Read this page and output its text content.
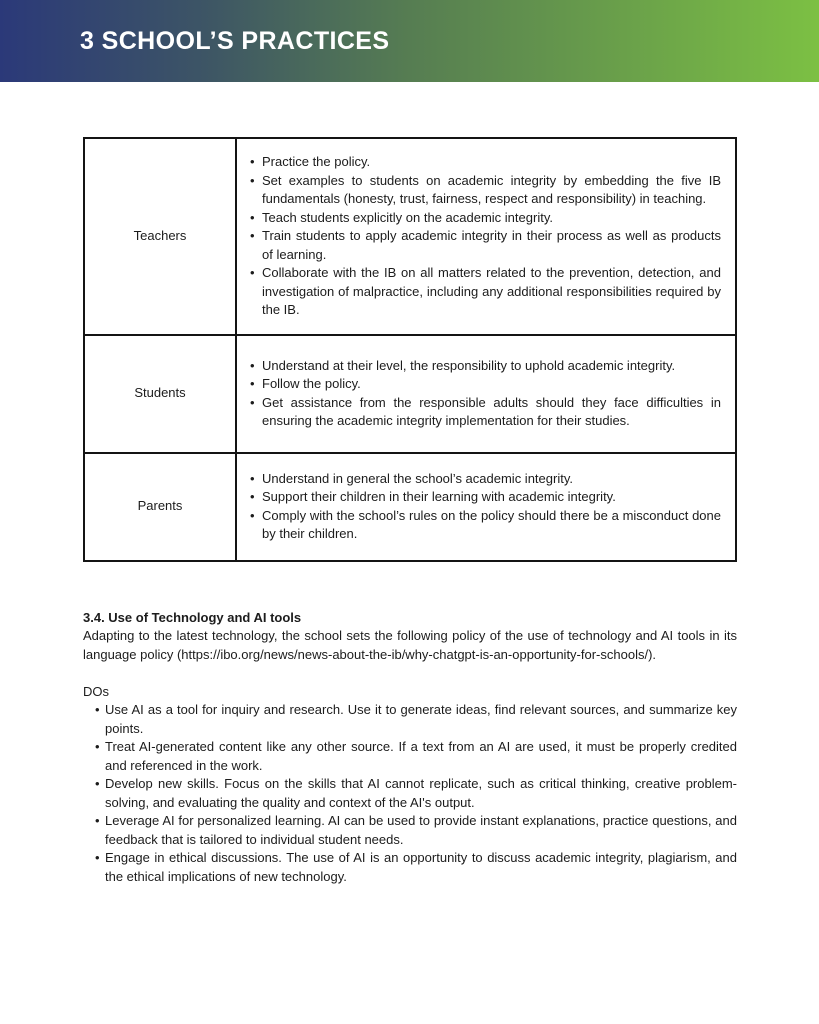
3 SCHOOL’S PRACTICES
Teachers	
• Practice the policy.
• Set examples to students on academic integrity by embedding the five IB fundamentals (honesty, trust, fairness, respect and responsibility) in teaching.
• Teach students explicitly on the academic integrity.
• Train students to apply academic integrity in their process as well as products of learning.
• Collaborate with the IB on all matters related to the prevention, detection, and investigation of malpractice, including any additional responsibilities required by the IB.

Students	
• Understand at their level, the responsibility to uphold academic integrity.
• Follow the policy.
• Get assistance from the responsible adults should they face difficulties in ensuring the academic integrity implementation for their studies.

Parents	
• Understand in general the school’s academic integrity.
• Support their children in their learning with academic integrity.
• Comply with the school’s rules on the policy should there be a misconduct done by their children.
3.4. Use of Technology and AI tools

Adapting to the latest technology, the school sets the following policy of the use of technology and AI tools in its language policy (https://ibo.org/news/news-about-the-ib/why-chatgpt-is-an-opportunity-for-schools/).

DOs
• Use AI as a tool for inquiry and research. Use it to generate ideas, find relevant sources, and summarize key points.
• Treat AI-generated content like any other source. If a text from an AI are used, it must be properly credited and referenced in the work.
• Develop new skills. Focus on the skills that AI cannot replicate, such as critical thinking, creative problem-solving, and evaluating the quality and context of the AI's output.
• Leverage AI for personalized learning. AI can be used to provide instant explanations, practice questions, and feedback that is tailored to individual student needs.
• Engage in ethical discussions. The use of AI is an opportunity to discuss academic integrity, plagiarism, and the ethical implications of new technology.
